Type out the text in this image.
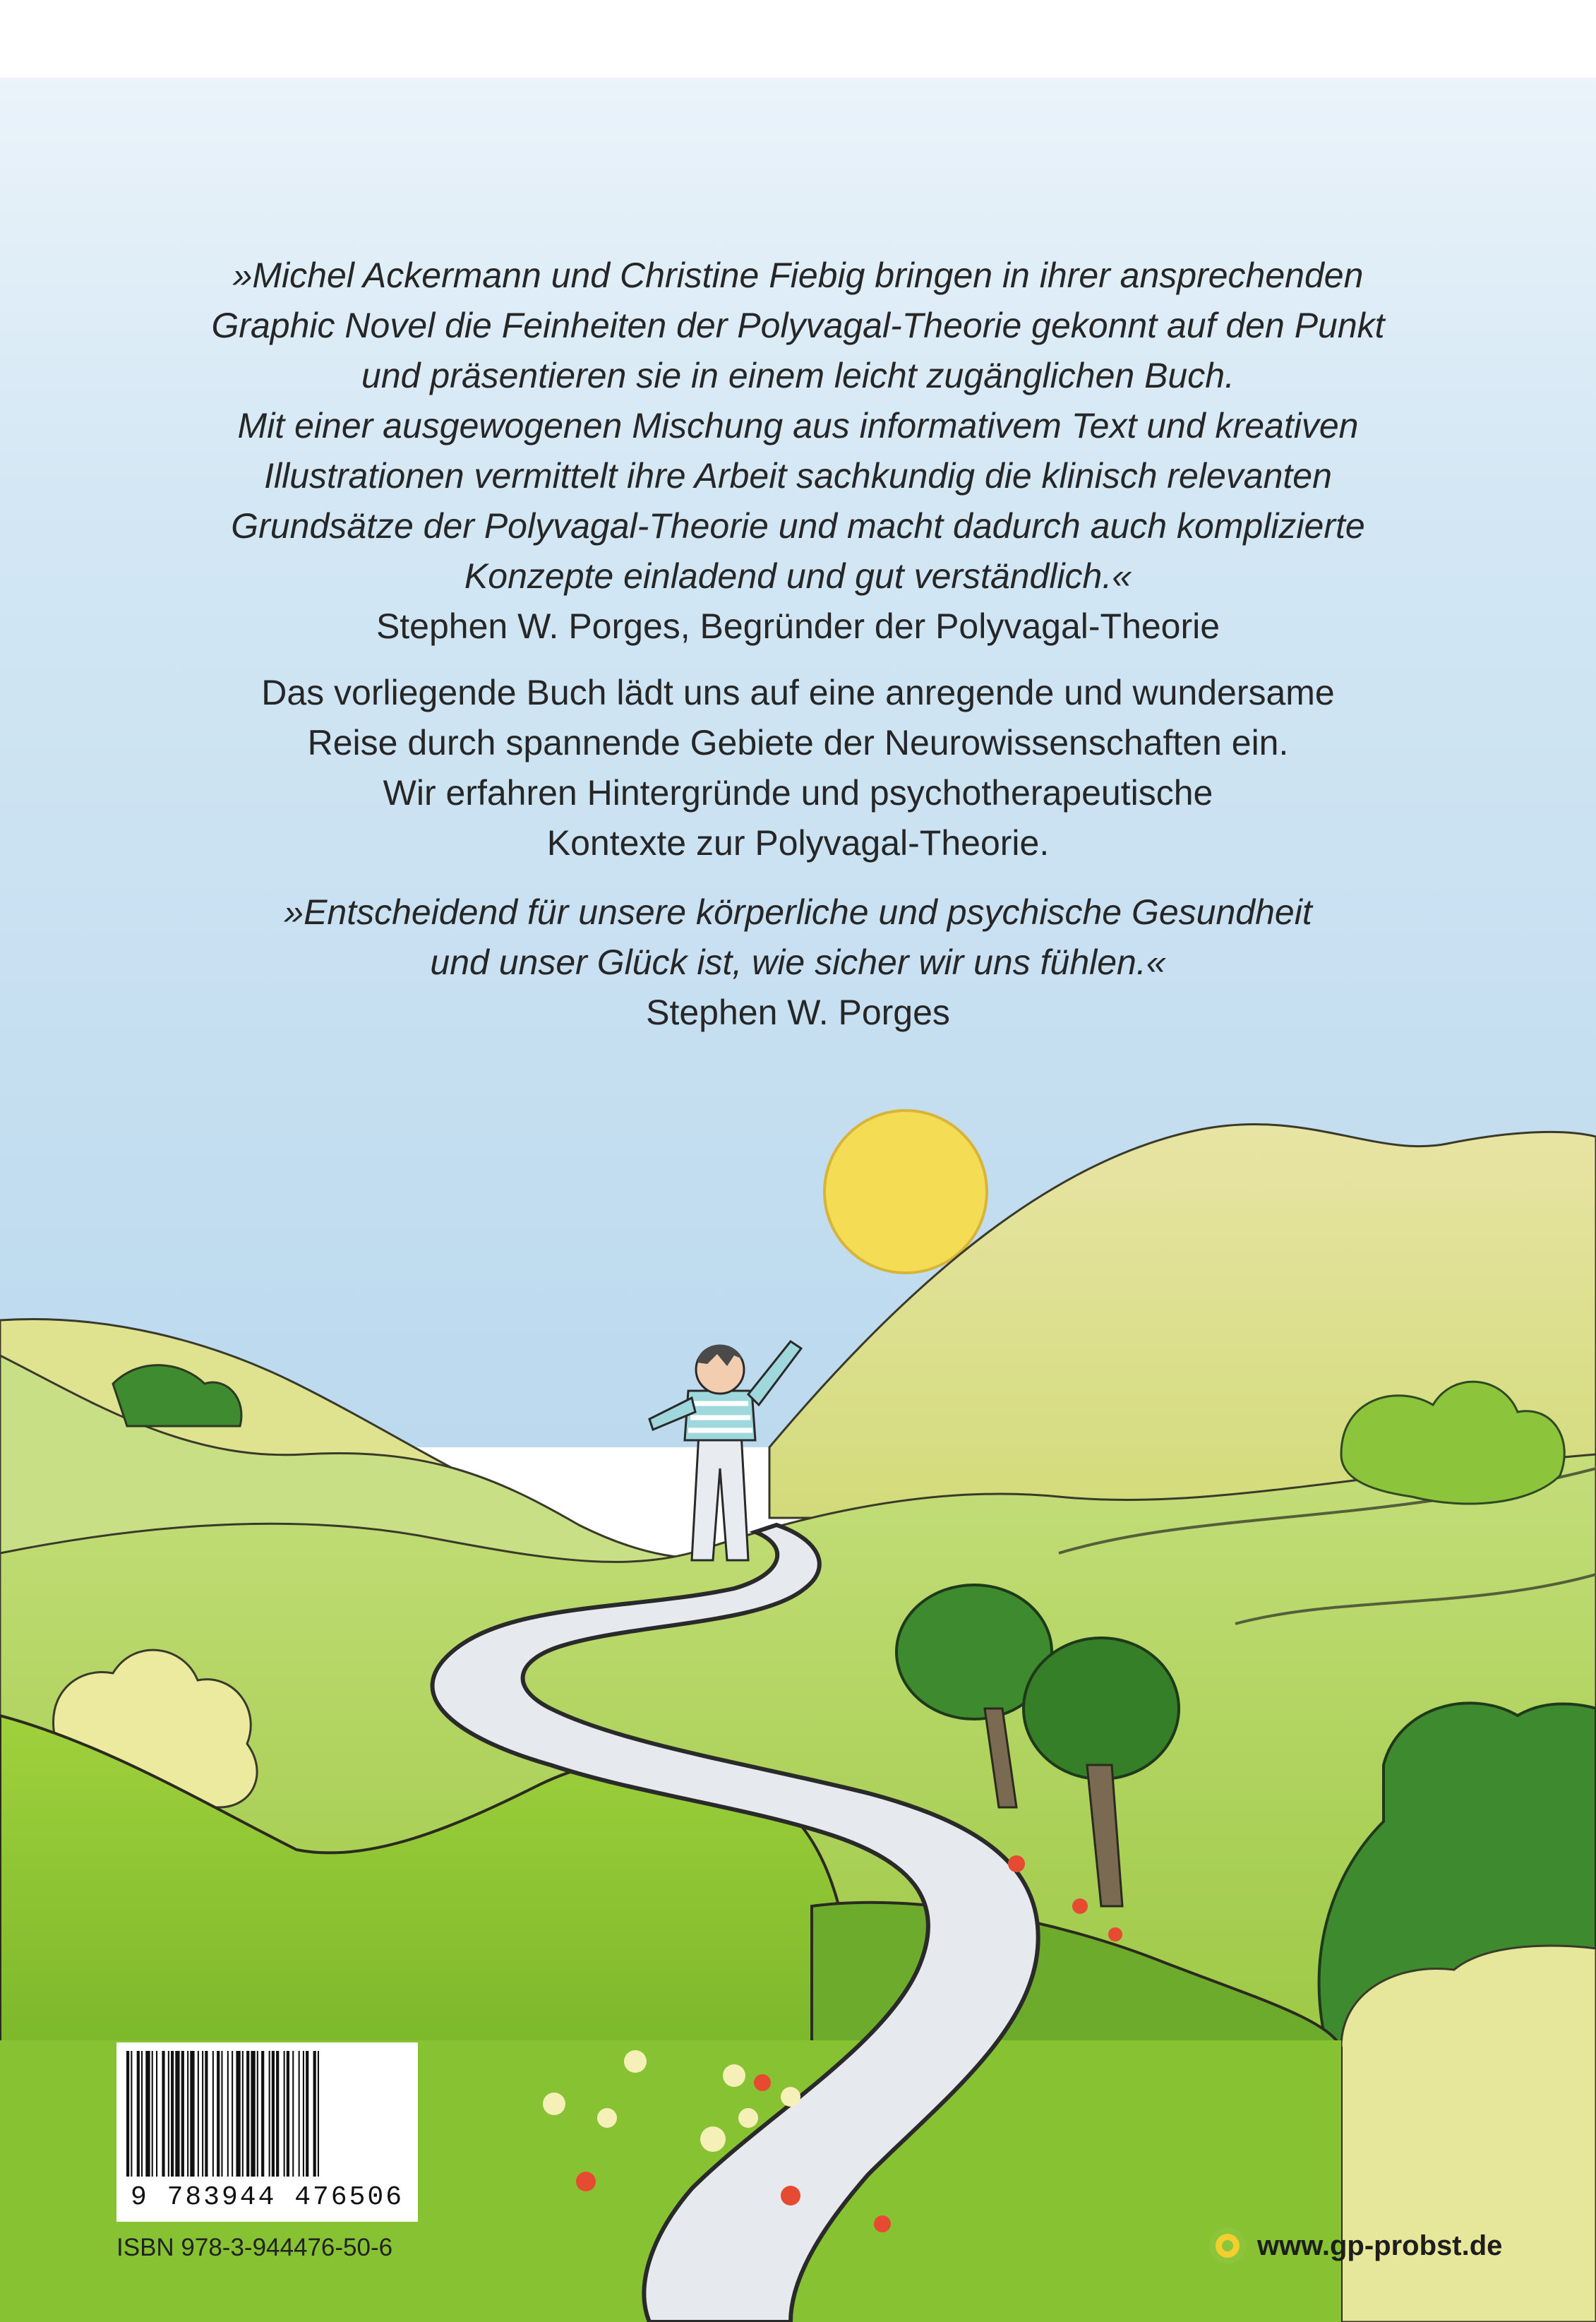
»Michel Ackermann und Christine Fiebig bringen in ihrer ansprechenden
Graphic Novel die Feinheiten der Polyvagal-Theorie gekonnt auf den Punkt
und präsentieren sie in einem leicht zugänglichen Buch.
Mit einer ausgewogenen Mischung aus informativem Text und kreativen
Illustrationen vermittelt ihre Arbeit sachkundig die klinisch relevanten
Grundsätze der Polyvagal-Theorie und macht dadurch auch komplizierte
Konzepte einladend und gut verständlich.«
Stephen W. Porges, Begründer der Polyvagal-Theorie
Das vorliegende Buch lädt uns auf eine anregende und wundersame
Reise durch spannende Gebiete der Neurowissenschaften ein.
Wir erfahren Hintergründe und psychotherapeutische
Kontexte zur Polyvagal-Theorie.
»Entscheidend für unsere körperliche und psychische Gesundheit
und unser Glück ist, wie sicher wir uns fühlen.«
Stephen W. Porges
9 783944 476506
ISBN 978-3-944476-50-6	www.gp-probst.de
